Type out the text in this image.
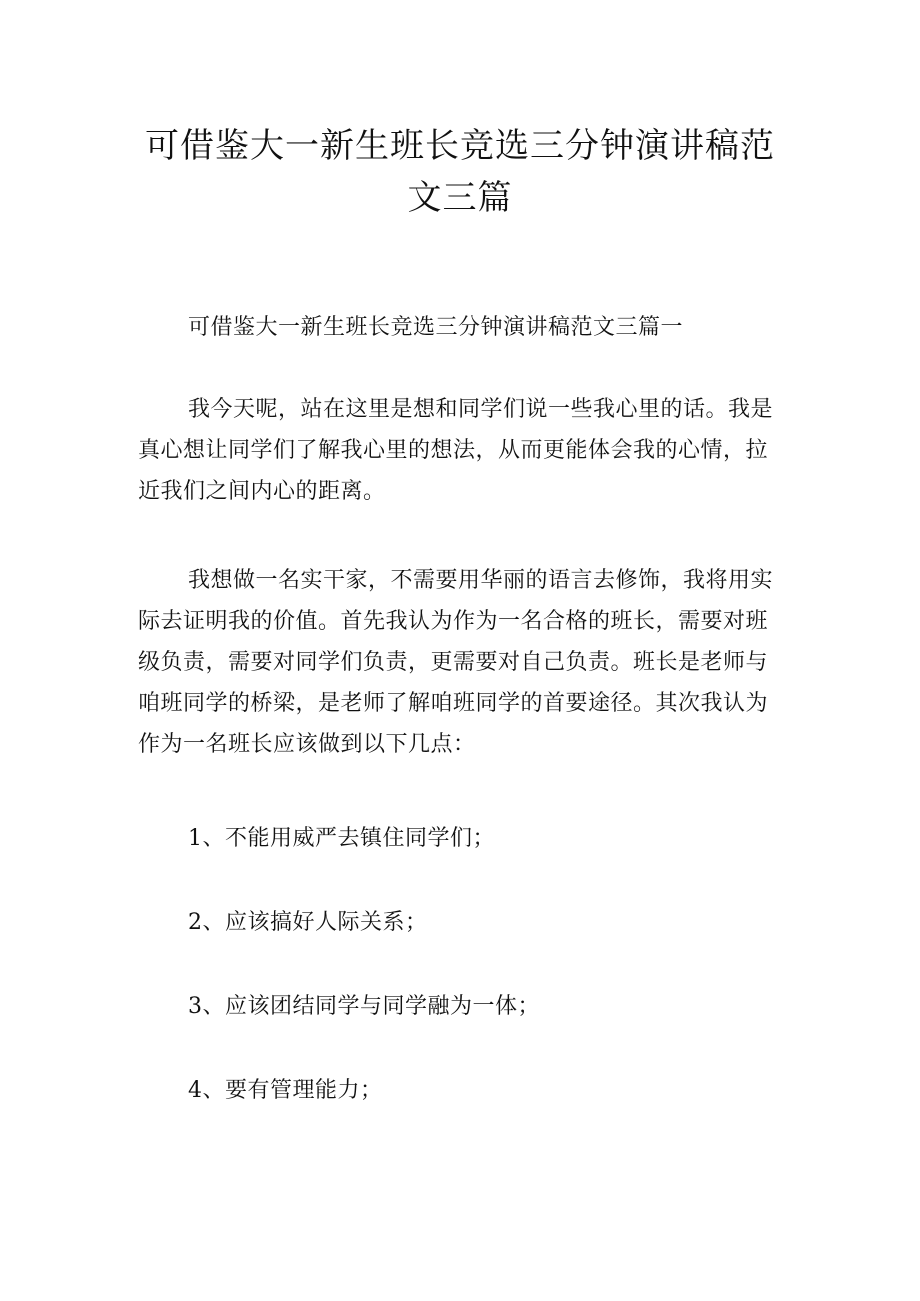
可借鉴大一新生班长竞选三分钟演讲稿范
文三篇

可借鉴大一新生班长竞选三分钟演讲稿范文三篇一

我今天呢，站在这里是想和同学们说一些我心里的话。我是真心想让同学们了解我心里的想法，从而更能体会我的心情，拉近我们之间内心的距离。

我想做一名实干家，不需要用华丽的语言去修饰，我将用实际去证明我的价值。首先我认为作为一名合格的班长，需要对班级负责，需要对同学们负责，更需要对自己负责。班长是老师与咱班同学的桥梁，是老师了解咱班同学的首要途径。其次我认为作为一名班长应该做到以下几点：

1、不能用威严去镇住同学们；

2、应该搞好人际关系；

3、应该团结同学与同学融为一体；

4、要有管理能力；
